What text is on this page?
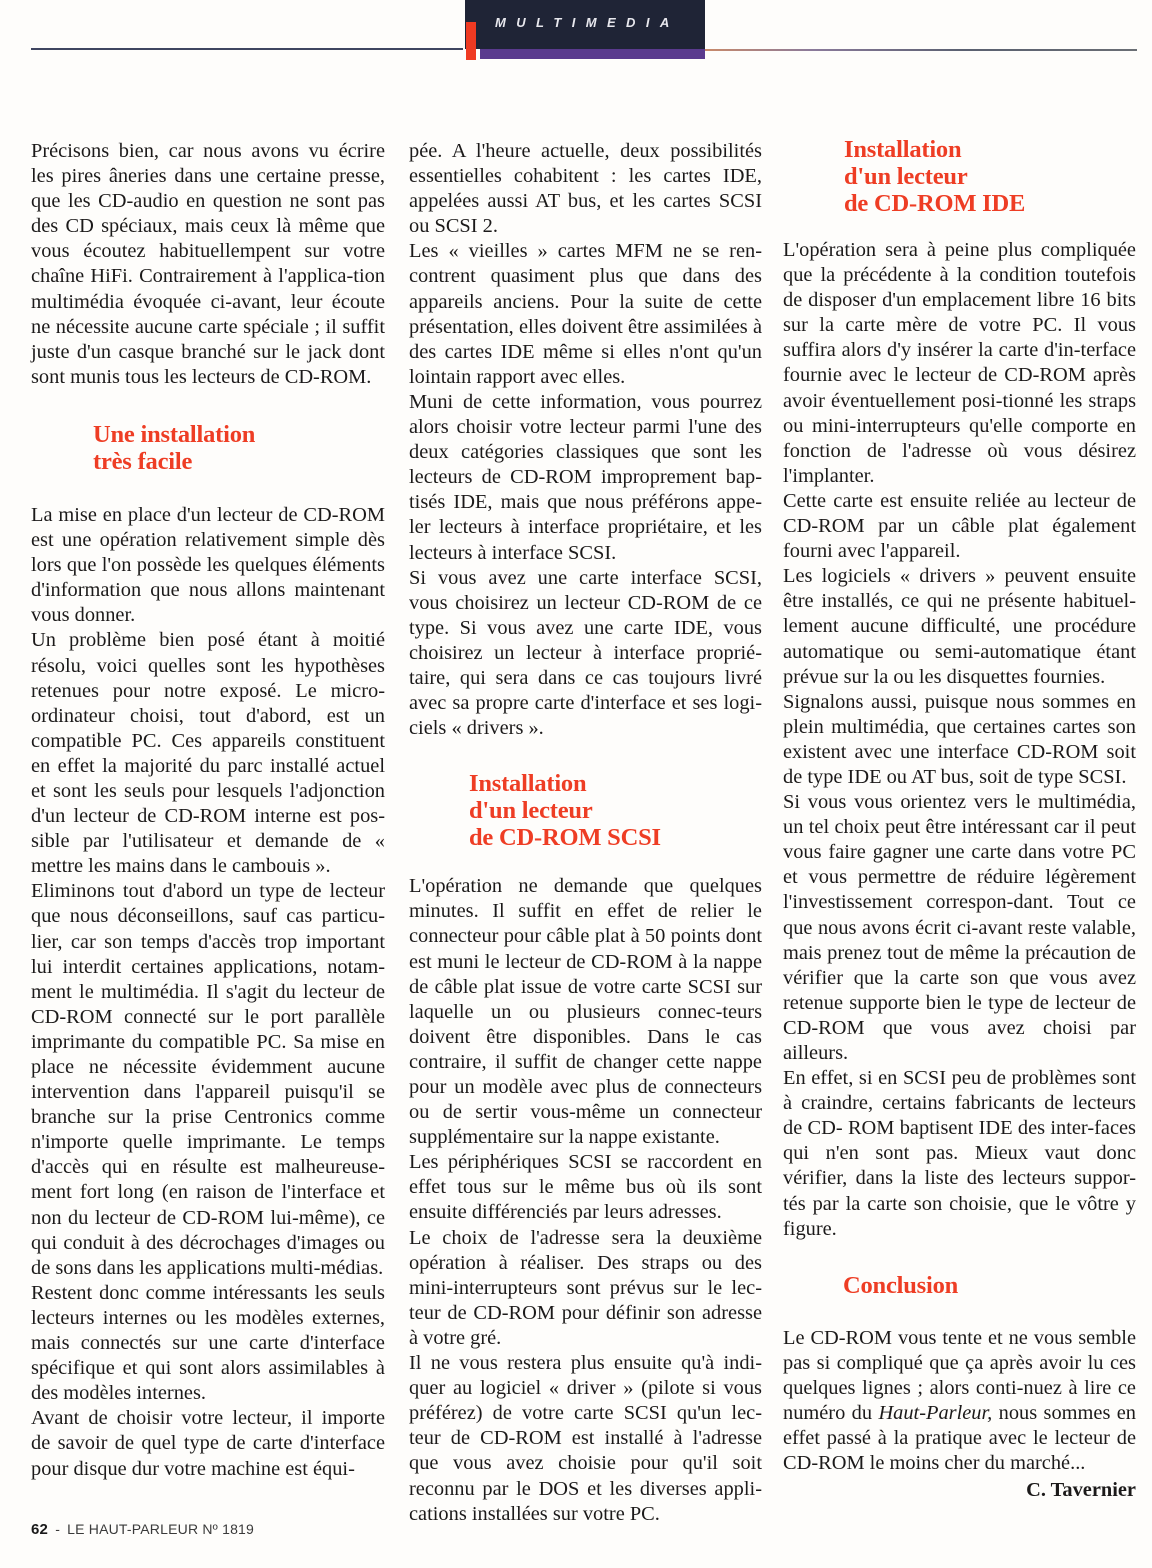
MULTIMEDIA

Précisons bien, car nous avons vu écrire les pires âneries dans une certaine presse, que les CD-audio en question ne sont pas des CD spéciaux, mais ceux là même que vous écoutez habituellempent sur votre chaîne HiFi. Contrairement à l'applica-tion multimédia évoquée ci-avant, leur écoute ne nécessite aucune carte spéciale ; il suffit juste d'un casque branché sur le jack dont sont munis tous les lecteurs de CD-ROM.

Une installation
très facile

La mise en place d'un lecteur de CD-ROM est une opération relativement simple dès lors que l'on possède les quelques éléments d'information que nous allons maintenant vous donner.

Un problème bien posé étant à moitié résolu, voici quelles sont les hypothèses retenues pour notre exposé. Le micro-ordinateur choisi, tout d'abord, est un compatible PC. Ces appareils constituent en effet la majorité du parc installé actuel et sont les seuls pour lesquels l'adjonction d'un lecteur de CD-ROM interne est pos-sible par l'utilisateur et demande de « mettre les mains dans le cambouis ».

Eliminons tout d'abord un type de lecteur que nous déconseillons, sauf cas particu-lier, car son temps d'accès trop important lui interdit certaines applications, notam-ment le multimédia. Il s'agit du lecteur de CD-ROM connecté sur le port parallèle imprimante du compatible PC. Sa mise en place ne nécessite évidemment aucune intervention dans l'appareil puisqu'il se branche sur la prise Centronics comme n'importe quelle imprimante. Le temps d'accès qui en résulte est malheureuse-ment fort long (en raison de l'interface et non du lecteur de CD-ROM lui-même), ce qui conduit à des décrochages d'images ou de sons dans les applications multi-médias.

Restent donc comme intéressants les seuls lecteurs internes ou les modèles externes, mais connectés sur une carte d'interface spécifique et qui sont alors assimilables à des modèles internes.

Avant de choisir votre lecteur, il importe de savoir de quel type de carte d'interface pour disque dur votre machine est équi-

pée. A l'heure actuelle, deux possibilités essentielles cohabitent : les cartes IDE, appelées aussi AT bus, et les cartes SCSI ou SCSI 2.

Les « vieilles » cartes MFM ne se ren-contrent quasiment plus que dans des appareils anciens. Pour la suite de cette présentation, elles doivent être assimilées à des cartes IDE même si elles n'ont qu'un lointain rapport avec elles.

Muni de cette information, vous pourrez alors choisir votre lecteur parmi l'une des deux catégories classiques que sont les lecteurs de CD-ROM improprement bap-tisés IDE, mais que nous préférons appe-ler lecteurs à interface propriétaire, et les lecteurs à interface SCSI.

Si vous avez une carte interface SCSI, vous choisirez un lecteur CD-ROM de ce type. Si vous avez une carte IDE, vous choisirez un lecteur à interface proprié-taire, qui sera dans ce cas toujours livré avec sa propre carte d'interface et ses logi-ciels « drivers ».

Installation
d'un lecteur
de CD-ROM SCSI

L'opération ne demande que quelques minutes. Il suffit en effet de relier le connecteur pour câble plat à 50 points dont est muni le lecteur de CD-ROM à la nappe de câble plat issue de votre carte SCSI sur laquelle un ou plusieurs connec-teurs doivent être disponibles. Dans le cas contraire, il suffit de changer cette nappe pour un modèle avec plus de connecteurs ou de sertir vous-même un connecteur supplémentaire sur la nappe existante.

Les périphériques SCSI se raccordent en effet tous sur le même bus où ils sont ensuite différenciés par leurs adresses.

Le choix de l'adresse sera la deuxième opération à réaliser. Des straps ou des mini-interrupteurs sont prévus sur le lec-teur de CD-ROM pour définir son adresse à votre gré.

Il ne vous restera plus ensuite qu'à indi-quer au logiciel « driver » (pilote si vous préférez) de votre carte SCSI qu'un lec-teur de CD-ROM est installé à l'adresse que vous avez choisie pour qu'il soit reconnu par le DOS et les diverses appli-cations installées sur votre PC.

Installation
d'un lecteur
de CD-ROM IDE

L'opération sera à peine plus compliquée que la précédente à la condition toutefois de disposer d'un emplacement libre 16 bits sur la carte mère de votre PC. Il vous suffira alors d'y insérer la carte d'in-terface fournie avec le lecteur de CD-ROM après avoir éventuellement posi-tionné les straps ou mini-interrupteurs qu'elle comporte en fonction de l'adresse où vous désirez l'implanter.

Cette carte est ensuite reliée au lecteur de CD-ROM par un câble plat également fourni avec l'appareil.

Les logiciels « drivers » peuvent ensuite être installés, ce qui ne présente habituel-lement aucune difficulté, une procédure automatique ou semi-automatique étant prévue sur la ou les disquettes fournies.

Signalons aussi, puisque nous sommes en plein multimédia, que certaines cartes son existent avec une interface CD-ROM soit de type IDE ou AT bus, soit de type SCSI.

Si vous vous orientez vers le multimédia, un tel choix peut être intéressant car il peut vous faire gagner une carte dans votre PC et vous permettre de réduire légèrement l'investissement correspon-dant. Tout ce que nous avons écrit ci-avant reste valable, mais prenez tout de même la précaution de vérifier que la carte son que vous avez retenue supporte bien le type de lecteur de CD-ROM que vous avez choisi par ailleurs.

En effet, si en SCSI peu de problèmes sont à craindre, certains fabricants de lecteurs de CD- ROM baptisent IDE des inter-faces qui n'en sont pas. Mieux vaut donc vérifier, dans la liste des lecteurs suppor-tés par la carte son choisie, que le vôtre y figure.

Conclusion

Le CD-ROM vous tente et ne vous semble pas si compliqué que ça après avoir lu ces quelques lignes ; alors conti-nuez à lire ce numéro du Haut-Parleur, nous sommes en effet passé à la pratique avec le lecteur de CD-ROM le moins cher du marché...

C. Tavernier

62 - LE HAUT-PARLEUR Nº 1819
